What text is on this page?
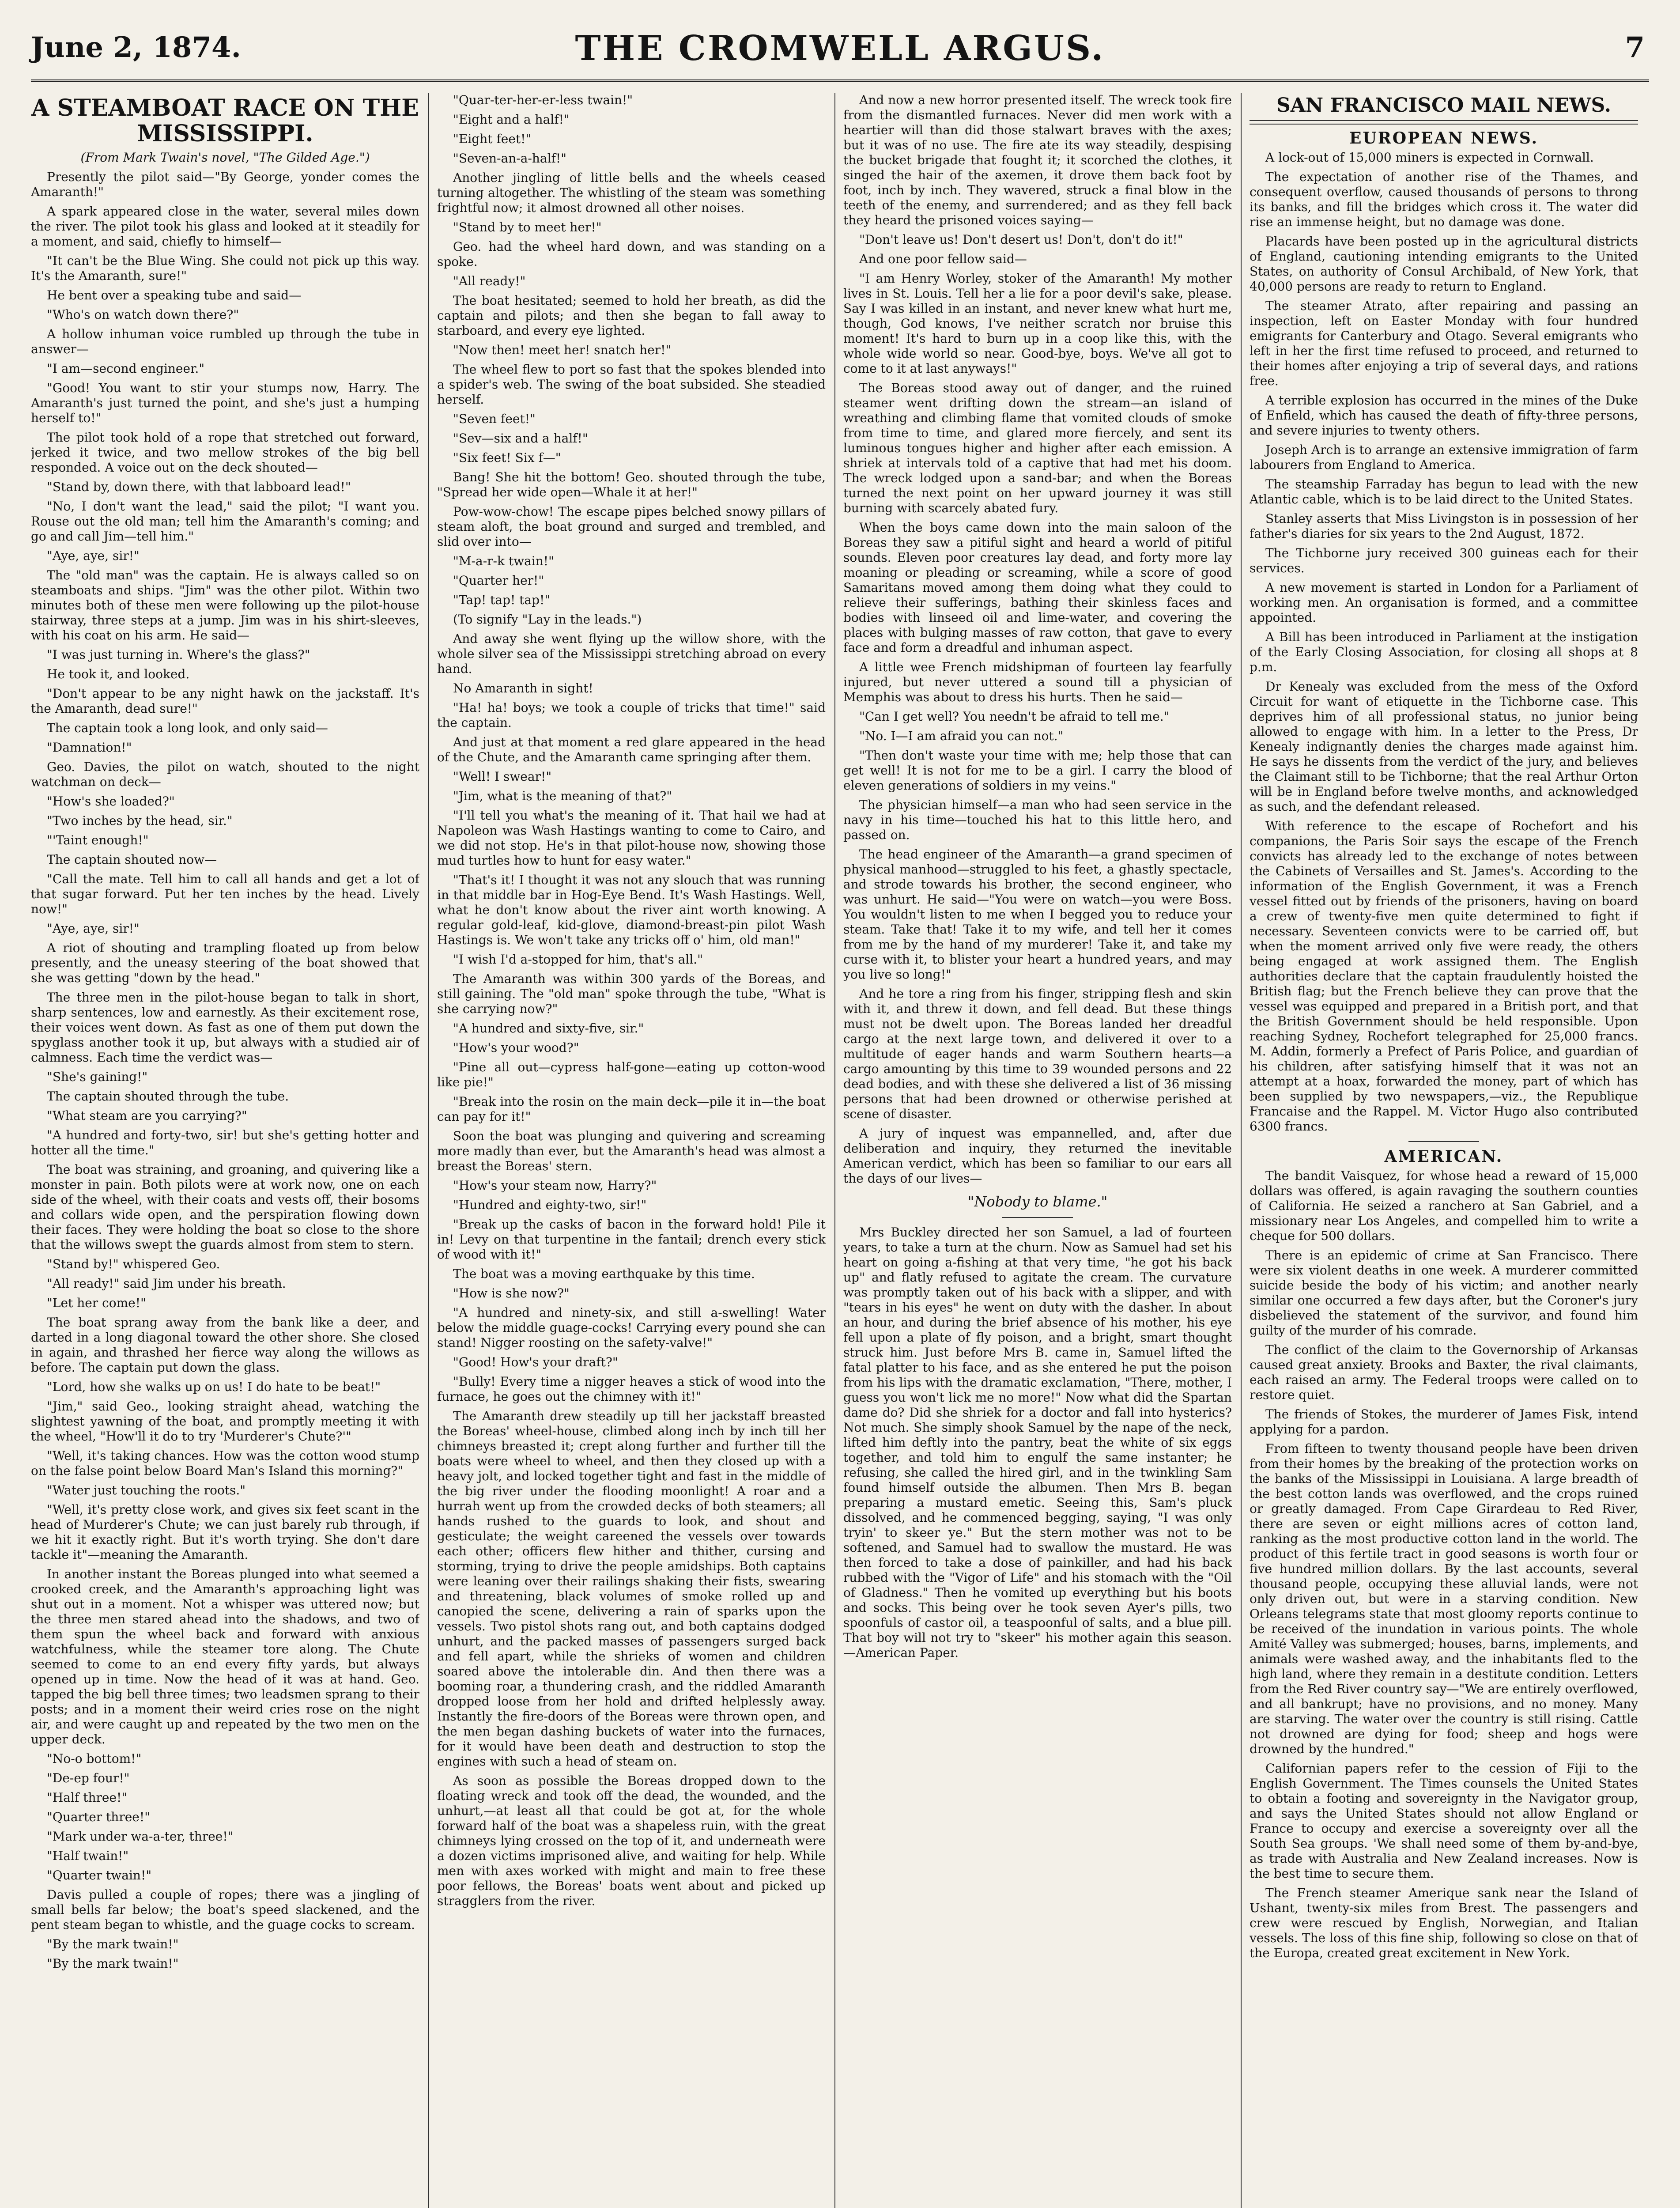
June 2, 1874.	THE CROMWELL ARGUS.	7
A STEAMBOAT RACE ON THE
MISSISSIPPI.
(From Mark Twain's novel, "The Gilded Age.")

Presently the pilot said—"By George, yonder comes the Amaranth!"

A spark appeared close in the water, several miles down the river. The pilot took his glass and looked at it steadily for a moment, and said, chiefly to himself—

"It can't be the Blue Wing. She could not pick up this way. It's the Amaranth, sure!"

He bent over a speaking tube and said—

"Who's on watch down there?"

A hollow inhuman voice rumbled up through the tube in answer—

"I am—second engineer."

"Good! You want to stir your stumps now, Harry. The Amaranth's just turned the point, and she's just a humping herself to!"

The pilot took hold of a rope that stretched out forward, jerked it twice, and two mellow strokes of the big bell responded. A voice out on the deck shouted—

"Stand by, down there, with that labboard lead!"

"No, I don't want the lead," said the pilot; "I want you. Rouse out the old man; tell him the Amaranth's coming; and go and call Jim—tell him."

"Aye, aye, sir!"

The "old man" was the captain. He is always called so on steamboats and ships. "Jim" was the other pilot. Within two minutes both of these men were following up the pilot-house stairway, three steps at a jump. Jim was in his shirt-sleeves, with his coat on his arm. He said—

"I was just turning in. Where's the glass?"

He took it, and looked.

"Don't appear to be any night hawk on the jackstaff. It's the Amaranth, dead sure!"

The captain took a long look, and only said—

"Damnation!"

Geo. Davies, the pilot on watch, shouted to the night watchman on deck—

"How's she loaded?"

"Two inches by the head, sir."

"'Taint enough!"

The captain shouted now—

"Call the mate. Tell him to call all hands and get a lot of that sugar forward. Put her ten inches by the head. Lively now!"

"Aye, aye, sir!"

A riot of shouting and trampling floated up from below presently, and the uneasy steering of the boat showed that she was getting "down by the head."

The three men in the pilot-house began to talk in short, sharp sentences, low and earnestly. As their excitement rose, their voices went down. As fast as one of them put down the spyglass another took it up, but always with a studied air of calmness. Each time the verdict was—

"She's gaining!"

The captain shouted through the tube.

"What steam are you carrying?"

"A hundred and forty-two, sir! but she's getting hotter and hotter all the time."

The boat was straining, and groaning, and quivering like a monster in pain. Both pilots were at work now, one on each side of the wheel, with their coats and vests off, their bosoms and collars wide open, and the perspiration flowing down their faces. They were holding the boat so close to the shore that the willows swept the guards almost from stem to stern.

"Stand by!" whispered Geo.

"All ready!" said Jim under his breath.

"Let her come!"

The boat sprang away from the bank like a deer, and darted in a long diagonal toward the other shore. She closed in again, and thrashed her fierce way along the willows as before. The captain put down the glass.

"Lord, how she walks up on us! I do hate to be beat!"

"Jim," said Geo., looking straight ahead, watching the slightest yawning of the boat, and promptly meeting it with the wheel, "How'll it do to try 'Murderer's Chute?'"

"Well, it's taking chances. How was the cotton wood stump on the false point below Board Man's Island this morning?"

"Water just touching the roots."

"Well, it's pretty close work, and gives six feet scant in the head of Murderer's Chute; we can just barely rub through, if we hit it exactly right. But it's worth trying. She don't dare tackle it"—meaning the Amaranth.

In another instant the Boreas plunged into what seemed a crooked creek, and the Amaranth's approaching light was shut out in a moment. Not a whisper was uttered now; but the three men stared ahead into the shadows, and two of them spun the wheel back and forward with anxious watchfulness, while the steamer tore along. The Chute seemed to come to an end every fifty yards, but always opened up in time. Now the head of it was at hand. Geo. tapped the big bell three times; two leadsmen sprang to their posts; and in a moment their weird cries rose on the night air, and were caught up and repeated by the two men on the upper deck.

"No-o bottom!"

"De-ep four!"

"Half three!"

"Quarter three!"

"Mark under wa-a-ter, three!"

"Half twain!"

"Quarter twain!"

Davis pulled a couple of ropes; there was a jingling of small bells far below; the boat's speed slackened, and the pent steam began to whistle, and the guage cocks to scream.

"By the mark twain!"

"By the mark twain!"

"Quar-ter-her-er-less twain!"

"Eight and a half!"

"Eight feet!"

"Seven-an-a-half!"

Another jingling of little bells and the wheels ceased turning altogether. The whistling of the steam was something frightful now; it almost drowned all other noises.

"Stand by to meet her!"

Geo. had the wheel hard down, and was standing on a spoke.

"All ready!"

The boat hesitated; seemed to hold her breath, as did the captain and pilots; and then she began to fall away to starboard, and every eye lighted.

"Now then! meet her! snatch her!"

The wheel flew to port so fast that the spokes blended into a spider's web. The swing of the boat subsided. She steadied herself.

"Seven feet!"

"Sev—six and a half!"

"Six feet! Six f—"

Bang! She hit the bottom! Geo. shouted through the tube, "Spread her wide open—Whale it at her!"

Pow-wow-chow! The escape pipes belched snowy pillars of steam aloft, the boat ground and surged and trembled, and slid over into—

"M-a-r-k twain!"

"Quarter her!"

"Tap! tap! tap!"

(To signify "Lay in the leads.")

And away she went flying up the willow shore, with the whole silver sea of the Mississippi stretching abroad on every hand.

No Amaranth in sight!

"Ha! ha! boys; we took a couple of tricks that time!" said the captain.

And just at that moment a red glare appeared in the head of the Chute, and the Amaranth came springing after them.

"Well! I swear!"

"Jim, what is the meaning of that?"

"I'll tell you what's the meaning of it. That hail we had at Napoleon was Wash Hastings wanting to come to Cairo, and we did not stop. He's in that pilot-house now, showing those mud turtles how to hunt for easy water."

"That's it! I thought it was not any slouch that was running in that middle bar in Hog-Eye Bend. It's Wash Hastings. Well, what he don't know about the river aint worth knowing. A regular gold-leaf, kid-glove, diamond-breast-pin pilot Wash Hastings is. We won't take any tricks off o' him, old man!"

"I wish I'd a-stopped for him, that's all."

The Amaranth was within 300 yards of the Boreas, and still gaining. The "old man" spoke through the tube, "What is she carrying now?"

"A hundred and sixty-five, sir."

"How's your wood?"

"Pine all out—cypress half-gone—eating up cotton-wood like pie!"

"Break into the rosin on the main deck—pile it in—the boat can pay for it!"

Soon the boat was plunging and quivering and screaming more madly than ever, but the Amaranth's head was almost a breast the Boreas' stern.

"How's your steam now, Harry?"

"Hundred and eighty-two, sir!"

"Break up the casks of bacon in the forward hold! Pile it in! Levy on that turpentine in the fantail; drench every stick of wood with it!"

The boat was a moving earthquake by this time.

"How is she now?"

"A hundred and ninety-six, and still a-swelling! Water below the middle guage-cocks! Carrying every pound she can stand! Nigger roosting on the safety-valve!"

"Good! How's your draft?"

"Bully! Every time a nigger heaves a stick of wood into the furnace, he goes out the chimney with it!"

The Amaranth drew steadily up till her jackstaff breasted the Boreas' wheel-house, climbed along inch by inch till her chimneys breasted it; crept along further and further till the boats were wheel to wheel, and then they closed up with a heavy jolt, and locked together tight and fast in the middle of the big river under the flooding moonlight! A roar and a hurrah went up from the crowded decks of both steamers; all hands rushed to the guards to look, and shout and gesticulate; the weight careened the vessels over towards each other; officers flew hither and thither, cursing and storming, trying to drive the people amidships. Both captains were leaning over their railings shaking their fists, swearing and threatening, black volumes of smoke rolled up and canopied the scene, delivering a rain of sparks upon the vessels. Two pistol shots rang out, and both captains dodged unhurt, and the packed masses of passengers surged back and fell apart, while the shrieks of women and children soared above the intolerable din. And then there was a booming roar, a thundering crash, and the riddled Amaranth dropped loose from her hold and drifted helplessly away. Instantly the fire-doors of the Boreas were thrown open, and the men began dashing buckets of water into the furnaces, for it would have been death and destruction to stop the engines with such a head of steam on.

As soon as possible the Boreas dropped down to the floating wreck and took off the dead, the wounded, and the unhurt,—at least all that could be got at, for the whole forward half of the boat was a shapeless ruin, with the great chimneys lying crossed on the top of it, and underneath were a dozen victims imprisoned alive, and waiting for help. While men with axes worked with might and main to free these poor fellows, the Boreas' boats went about and picked up stragglers from the river.

And now a new horror presented itself. The wreck took fire from the dismantled furnaces. Never did men work with a heartier will than did those stalwart braves with the axes; but it was of no use. The fire ate its way steadily, despising the bucket brigade that fought it; it scorched the clothes, it singed the hair of the axemen, it drove them back foot by foot, inch by inch. They wavered, struck a final blow in the teeth of the enemy, and surrendered; and as they fell back they heard the prisoned voices saying—

"Don't leave us! Don't desert us! Don't, don't do it!"

And one poor fellow said—

"I am Henry Worley, stoker of the Amaranth! My mother lives in St. Louis. Tell her a lie for a poor devil's sake, please. Say I was killed in an instant, and never knew what hurt me, though, God knows, I've neither scratch nor bruise this moment! It's hard to burn up in a coop like this, with the whole wide world so near. Good-bye, boys. We've all got to come to it at last anyways!"

The Boreas stood away out of danger, and the ruined steamer went drifting down the stream—an island of wreathing and climbing flame that vomited clouds of smoke from time to time, and glared more fiercely, and sent its luminous tongues higher and higher after each emission. A shriek at intervals told of a captive that had met his doom. The wreck lodged upon a sand-bar; and when the Boreas turned the next point on her upward journey it was still burning with scarcely abated fury.

When the boys came down into the main saloon of the Boreas they saw a pitiful sight and heard a world of pitiful sounds. Eleven poor creatures lay dead, and forty more lay moaning or pleading or screaming, while a score of good Samaritans moved among them doing what they could to relieve their sufferings, bathing their skinless faces and bodies with linseed oil and lime-water, and covering the places with bulging masses of raw cotton, that gave to every face and form a dreadful and inhuman aspect.

A little wee French midshipman of fourteen lay fearfully injured, but never uttered a sound till a physician of Memphis was about to dress his hurts. Then he said—

"Can I get well? You needn't be afraid to tell me."

"No. I—I am afraid you can not."

"Then don't waste your time with me; help those that can get well! It is not for me to be a girl. I carry the blood of eleven generations of soldiers in my veins."

The physician himself—a man who had seen service in the navy in his time—touched his hat to this little hero, and passed on.

The head engineer of the Amaranth—a grand specimen of physical manhood—struggled to his feet, a ghastly spectacle, and strode towards his brother, the second engineer, who was unhurt. He said—"You were on watch—you were Boss. You wouldn't listen to me when I begged you to reduce your steam. Take that! Take it to my wife, and tell her it comes from me by the hand of my murderer! Take it, and take my curse with it, to blister your heart a hundred years, and may you live so long!"

And he tore a ring from his finger, stripping flesh and skin with it, and threw it down, and fell dead. But these things must not be dwelt upon. The Boreas landed her dreadful cargo at the next large town, and delivered it over to a multitude of eager hands and warm Southern hearts—a cargo amounting by this time to 39 wounded persons and 22 dead bodies, and with these she delivered a list of 36 missing persons that had been drowned or otherwise perished at scene of disaster.

A jury of inquest was empannelled, and, after due deliberation and inquiry, they returned the inevitable American verdict, which has been so familiar to our ears all the days of our lives—

"Nobody to blame."

Mrs Buckley directed her son Samuel, a lad of fourteen years, to take a turn at the churn. Now as Samuel had set his heart on going a-fishing at that very time, "he got his back up" and flatly refused to agitate the cream. The curvature was promptly taken out of his back with a slipper, and with "tears in his eyes" he went on duty with the dasher. In about an hour, and during the brief absence of his mother, his eye fell upon a plate of fly poison, and a bright, smart thought struck him. Just before Mrs B. came in, Samuel lifted the fatal platter to his face, and as she entered he put the poison from his lips with the dramatic exclamation, "There, mother, I guess you won't lick me no more!" Now what did the Spartan dame do? Did she shriek for a doctor and fall into hysterics? Not much. She simply shook Samuel by the nape of the neck, lifted him deftly into the pantry, beat the white of six eggs together, and told him to engulf the same instanter; he refusing, she called the hired girl, and in the twinkling Sam found himself outside the albumen. Then Mrs B. began preparing a mustard emetic. Seeing this, Sam's pluck dissolved, and he commenced begging, saying, "I was only tryin' to skeer ye." But the stern mother was not to be softened, and Samuel had to swallow the mustard. He was then forced to take a dose of painkiller, and had his back rubbed with the "Vigor of Life" and his stomach with the "Oil of Gladness." Then he vomited up everything but his boots and socks. This being over he took seven Ayer's pills, two spoonfuls of castor oil, a teaspoonful of salts, and a blue pill. That boy will not try to "skeer" his mother again this season.—American Paper.

SAN FRANCISCO MAIL NEWS.
EUROPEAN NEWS.

A lock-out of 15,000 miners is expected in Cornwall.

The expectation of another rise of the Thames, and consequent overflow, caused thousands of persons to throng its banks, and fill the bridges which cross it. The water did rise an immense height, but no damage was done.

Placards have been posted up in the agricultural districts of England, cautioning intending emigrants to the United States, on authority of Consul Archibald, of New York, that 40,000 persons are ready to return to England.

The steamer Atrato, after repairing and passing an inspection, left on Easter Monday with four hundred emigrants for Canterbury and Otago. Several emigrants who left in her the first time refused to proceed, and returned to their homes after enjoying a trip of several days, and rations free.

A terrible explosion has occurred in the mines of the Duke of Enfield, which has caused the death of fifty-three persons, and severe injuries to twenty others.

Joseph Arch is to arrange an extensive immigration of farm labourers from England to America.

The steamship Farraday has begun to lead with the new Atlantic cable, which is to be laid direct to the United States.

Stanley asserts that Miss Livingston is in possession of her father's diaries for six years to the 2nd August, 1872.

The Tichborne jury received 300 guineas each for their services.

A new movement is started in London for a Parliament of working men. An organisation is formed, and a committee appointed.

A Bill has been introduced in Parliament at the instigation of the Early Closing Association, for closing all shops at 8 p.m.

Dr Kenealy was excluded from the mess of the Oxford Circuit for want of etiquette in the Tichborne case. This deprives him of all professional status, no junior being allowed to engage with him. In a letter to the Press, Dr Kenealy indignantly denies the charges made against him. He says he dissents from the verdict of the jury, and believes the Claimant still to be Tichborne; that the real Arthur Orton will be in England before twelve months, and acknowledged as such, and the defendant released.

With reference to the escape of Rochefort and his companions, the Paris Soir says the escape of the French convicts has already led to the exchange of notes between the Cabinets of Versailles and St. James's. According to the information of the English Government, it was a French vessel fitted out by friends of the prisoners, having on board a crew of twenty-five men quite determined to fight if necessary. Seventeen convicts were to be carried off, but when the moment arrived only five were ready, the others being engaged at work assigned them. The English authorities declare that the captain fraudulently hoisted the British flag; but the French believe they can prove that the vessel was equipped and prepared in a British port, and that the British Government should be held responsible. Upon reaching Sydney, Rochefort telegraphed for 25,000 francs. M. Addin, formerly a Prefect of Paris Police, and guardian of his children, after satisfying himself that it was not an attempt at a hoax, forwarded the money, part of which has been supplied by two newspapers,—viz., the Republique Francaise and the Rappel. M. Victor Hugo also contributed 6300 francs.

AMERICAN.

The bandit Vaisquez, for whose head a reward of 15,000 dollars was offered, is again ravaging the southern counties of California. He seized a ranchero at San Gabriel, and a missionary near Los Angeles, and compelled him to write a cheque for 500 dollars.

There is an epidemic of crime at San Francisco. There were six violent deaths in one week. A murderer committed suicide beside the body of his victim; and another nearly similar one occurred a few days after, but the Coroner's jury disbelieved the statement of the survivor, and found him guilty of the murder of his comrade.

The conflict of the claim to the Governorship of Arkansas caused great anxiety. Brooks and Baxter, the rival claimants, each raised an army. The Federal troops were called on to restore quiet.

The friends of Stokes, the murderer of James Fisk, intend applying for a pardon.

From fifteen to twenty thousand people have been driven from their homes by the breaking of the protection works on the banks of the Mississippi in Louisiana. A large breadth of the best cotton lands was overflowed, and the crops ruined or greatly damaged. From Cape Girardeau to Red River, there are seven or eight millions acres of cotton land, ranking as the most productive cotton land in the world. The product of this fertile tract in good seasons is worth four or five hundred million dollars. By the last accounts, several thousand people, occupying these alluvial lands, were not only driven out, but were in a starving condition. New Orleans telegrams state that most gloomy reports continue to be received of the inundation in various points. The whole Amité Valley was submerged; houses, barns, implements, and animals were washed away, and the inhabitants fled to the high land, where they remain in a destitute condition. Letters from the Red River country say—"We are entirely overflowed, and all bankrupt; have no provisions, and no money. Many are starving. The water over the country is still rising. Cattle not drowned are dying for food; sheep and hogs were drowned by the hundred."

Californian papers refer to the cession of Fiji to the English Government. The Times counsels the United States to obtain a footing and sovereignty in the Navigator group, and says the United States should not allow England or France to occupy and exercise a sovereignty over all the South Sea groups. 'We shall need some of them by-and-bye, as trade with Australia and New Zealand increases. Now is the best time to secure them.

The French steamer Amerique sank near the Island of Ushant, twenty-six miles from Brest. The passengers and crew were rescued by English, Norwegian, and Italian vessels. The loss of this fine ship, following so close on that of the Europa, created great excitement in New York.
